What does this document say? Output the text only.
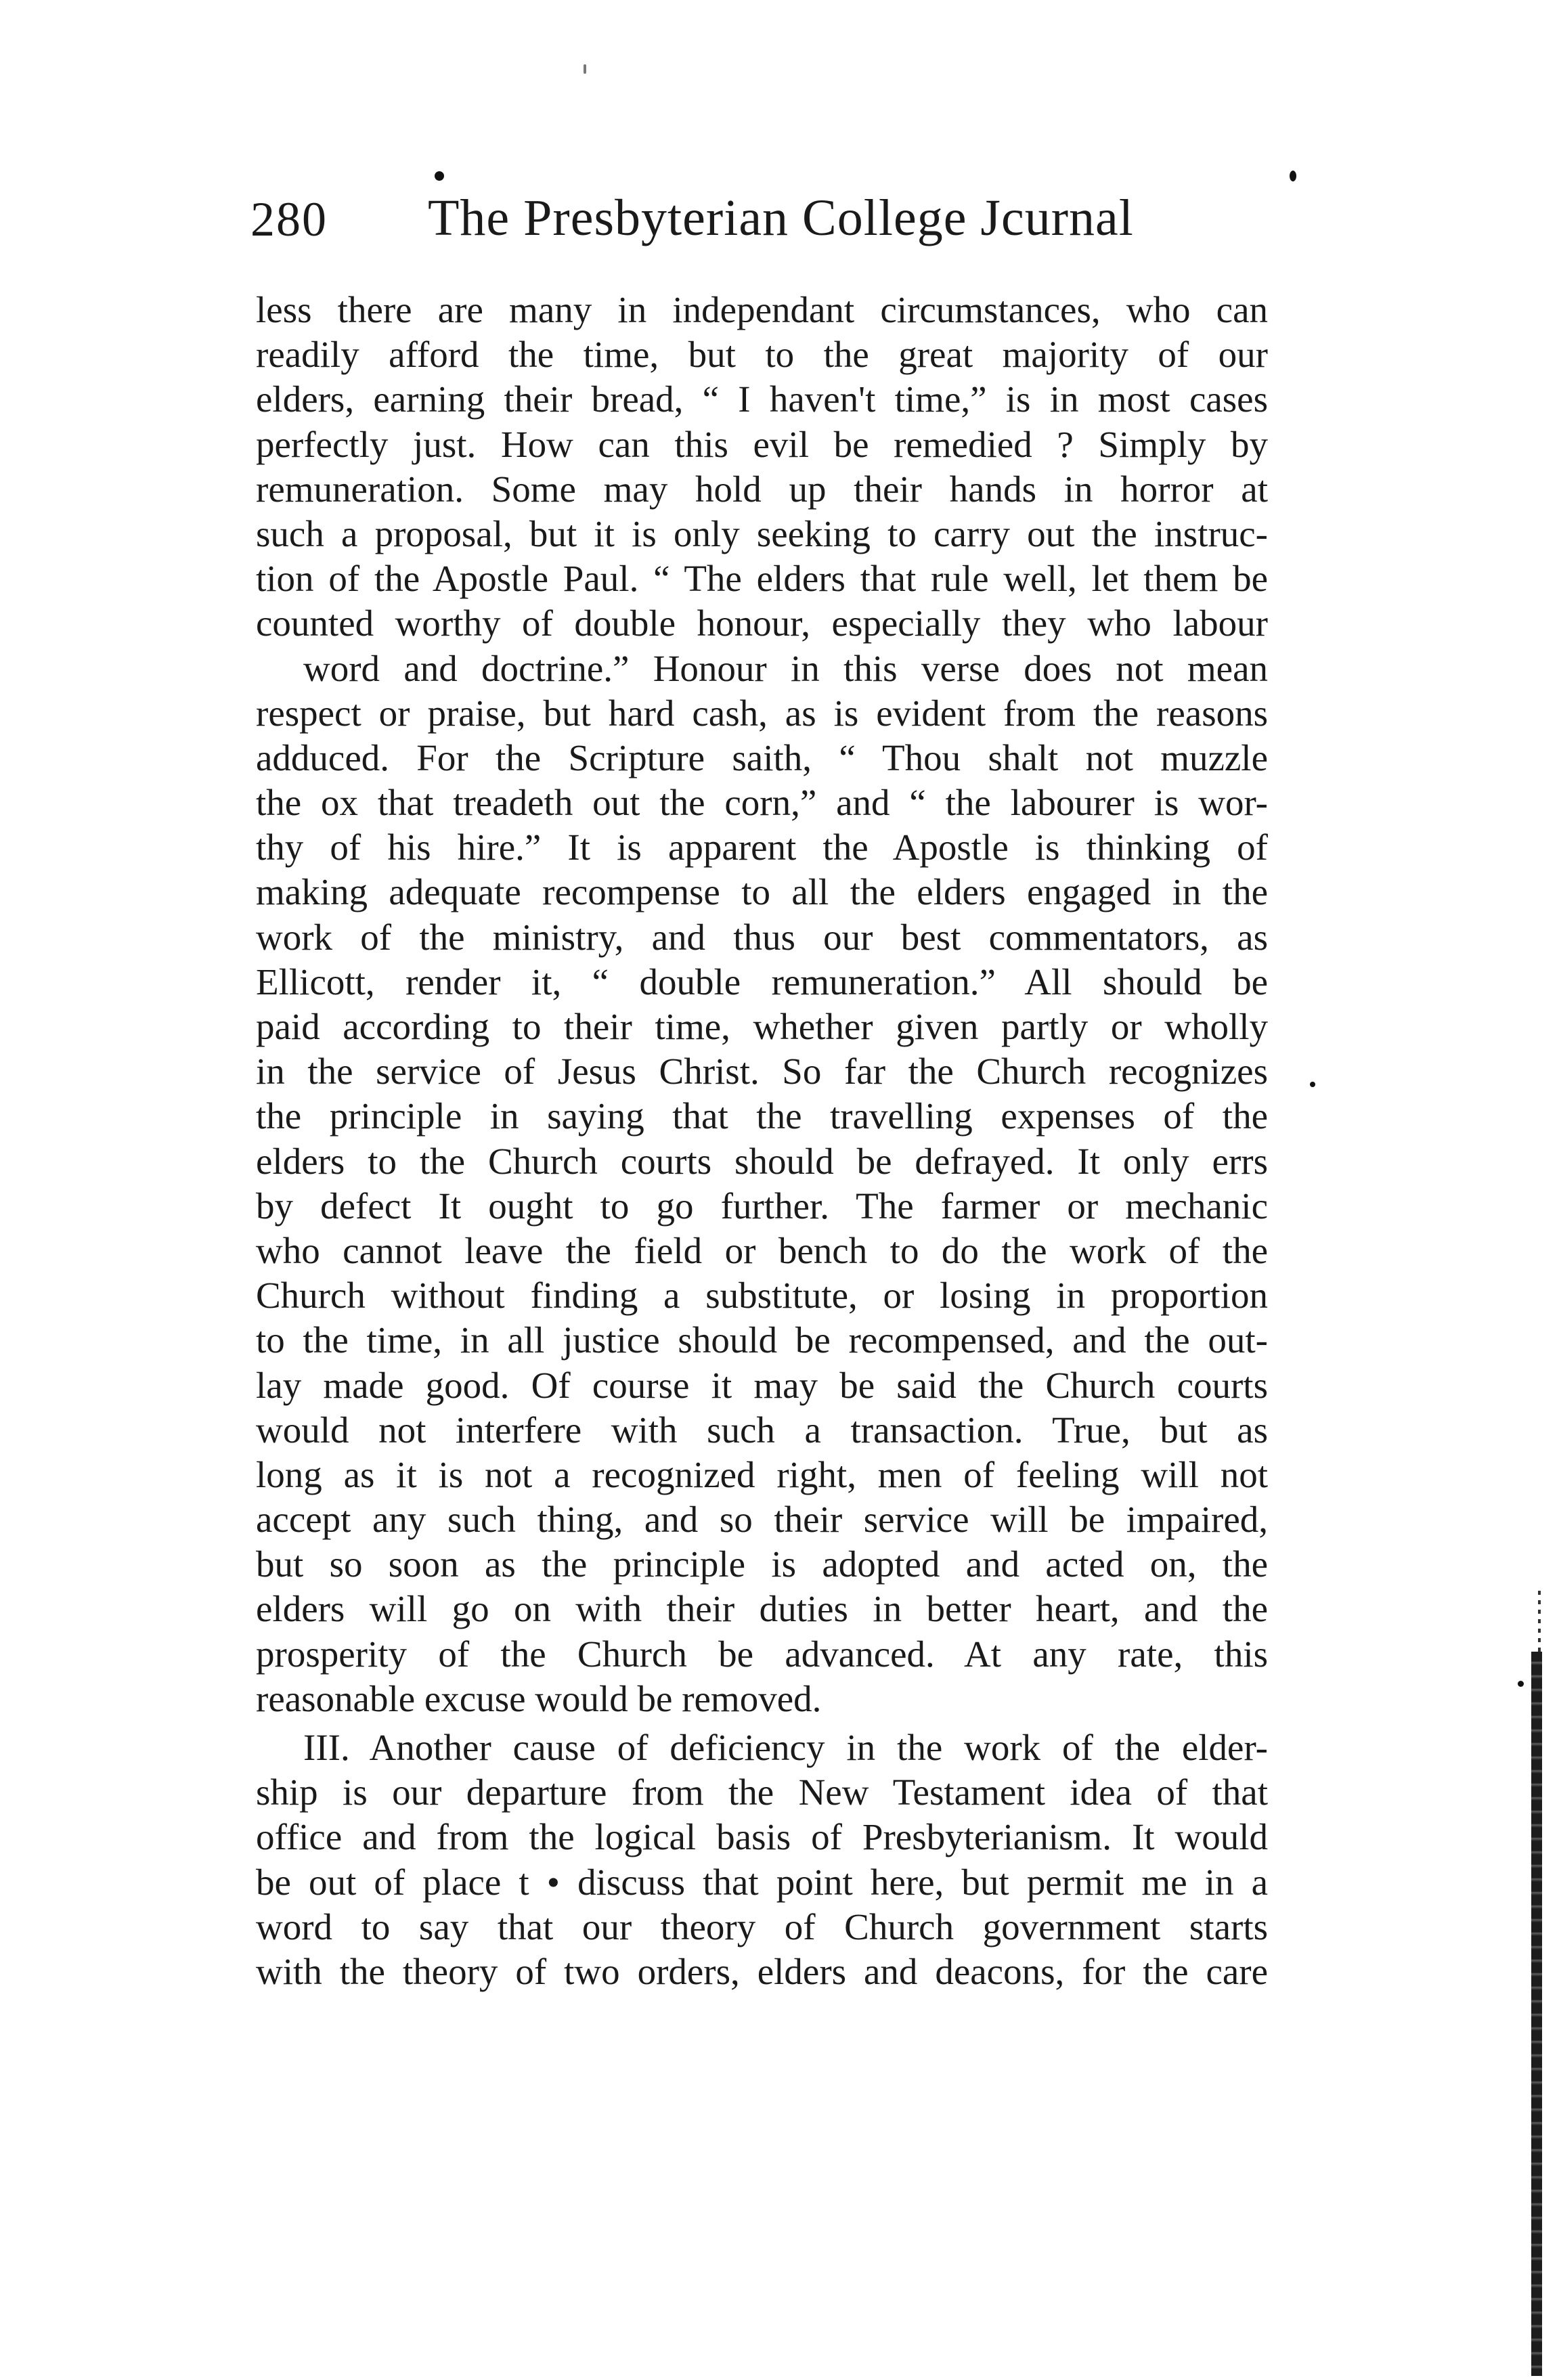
280 The Presbyterian College Jcurnal
less there are many in independant circumstances, who can
readily afford the time, but to the great majority of our
elders, earning their bread, “ I haven't time,” is in most cases
perfectly just. How can this evil be remedied ? Simply by
remuneration. Some may hold up their hands in horror at
such a proposal, but it is only seeking to carry out the instruc-
tion of the Apostle Paul. “ The elders that rule well, let them be
counted worthy of double honour, especially they who labour
word and doctrine.” Honour in this verse does not mean
respect or praise, but hard cash, as is evident from the reasons
adduced. For the Scripture saith, “ Thou shalt not muzzle
the ox that treadeth out the corn,” and “ the labourer is wor-
thy of his hire.” It is apparent the Apostle is thinking of
making adequate recompense to all the elders engaged in the
work of the ministry, and thus our best commentators, as
Ellicott, render it, “ double remuneration.” All should be
paid according to their time, whether given partly or wholly
in the service of Jesus Christ. So far the Church recognizes
the principle in saying that the travelling expenses of the
elders to the Church courts should be defrayed. It only errs
by defect It ought to go further. The farmer or mechanic
who cannot leave the field or bench to do the work of the
Church without finding a substitute, or losing in proportion
to the time, in all justice should be recompensed, and the out-
lay made good. Of course it may be said the Church courts
would not interfere with such a transaction. True, but as
long as it is not a recognized right, men of feeling will not
accept any such thing, and so their service will be impaired,
but so soon as the principle is adopted and acted on, the
elders will go on with their duties in better heart, and the
prosperity of the Church be advanced. At any rate, this
reasonable excuse would be removed.
III. Another cause of deficiency in the work of the elder-
ship is our departure from the New Testament idea of that
office and from the logical basis of Presbyterianism. It would
be out of place t • discuss that point here, but permit me in a
word to say that our theory of Church government starts
with the theory of two orders, elders and deacons, for the care
